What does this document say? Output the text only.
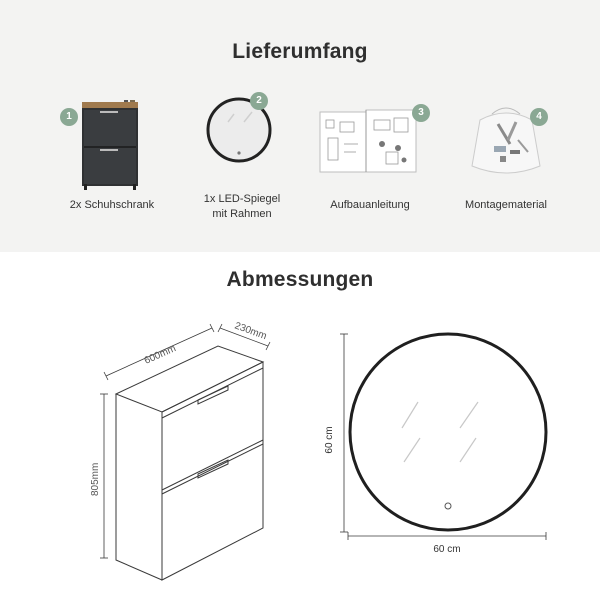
Lieferumfang
1
2x Schuhschrank
2
1x LED-Spiegel
mit Rahmen
3
Aufbauanleitung
4
Montagematerial
Abmessungen
600mm
230mm
805mm
60 cm
60 cm
